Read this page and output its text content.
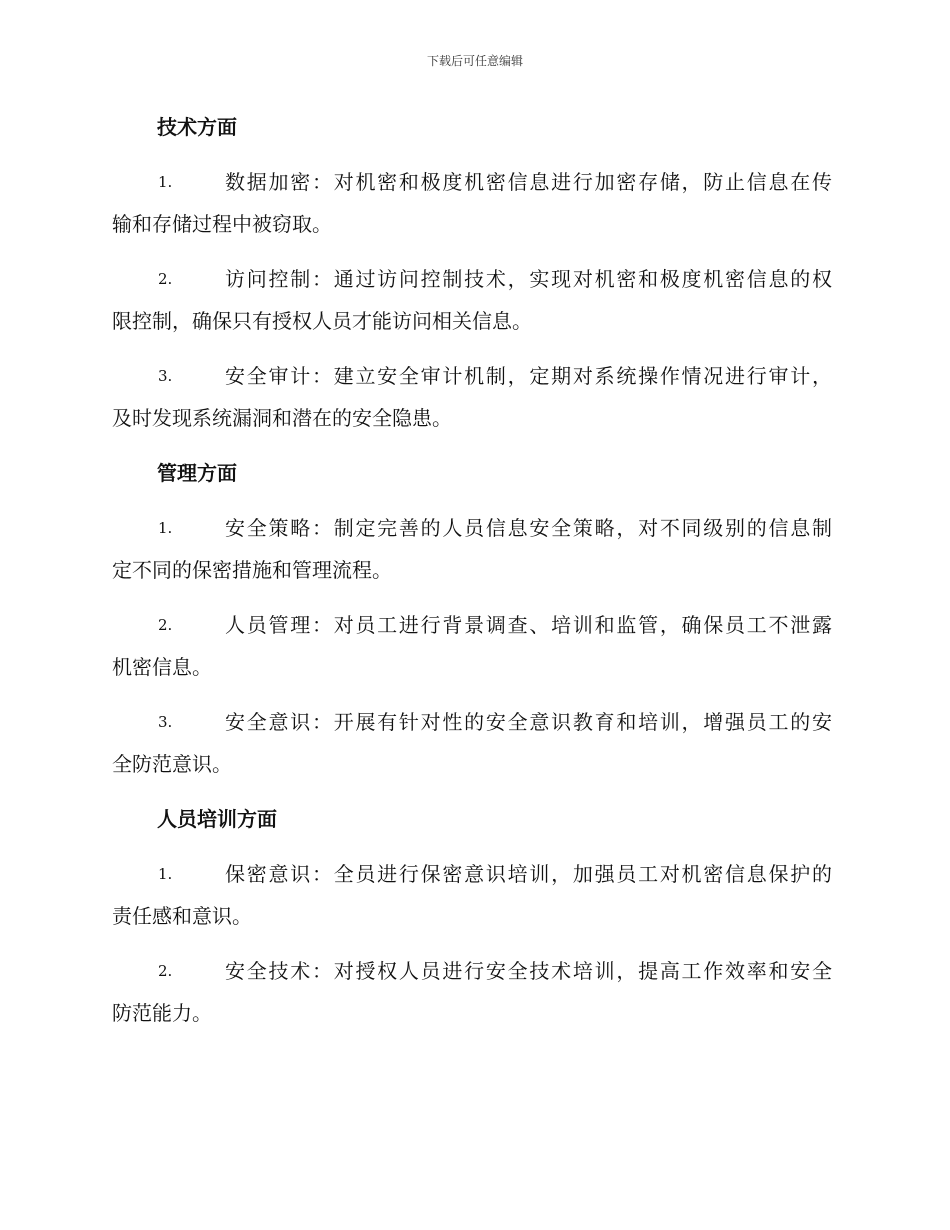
下载后可任意编辑
技术方面
1.	数据加密：对机密和极度机密信息进行加密存储，防止信息在传
输和存储过程中被窃取。
2.	访问控制：通过访问控制技术，实现对机密和极度机密信息的权
限控制，确保只有授权人员才能访问相关信息。
3.	安全审计：建立安全审计机制，定期对系统操作情况进行审计，
及时发现系统漏洞和潜在的安全隐患。
管理方面
1.	安全策略：制定完善的人员信息安全策略，对不同级别的信息制
定不同的保密措施和管理流程。
2.	人员管理：对员工进行背景调查、培训和监管，确保员工不泄露
机密信息。
3.	安全意识：开展有针对性的安全意识教育和培训，增强员工的安
全防范意识。
人员培训方面
1.	保密意识：全员进行保密意识培训，加强员工对机密信息保护的
责任感和意识。
2.	安全技术：对授权人员进行安全技术培训，提高工作效率和安全
防范能力。
